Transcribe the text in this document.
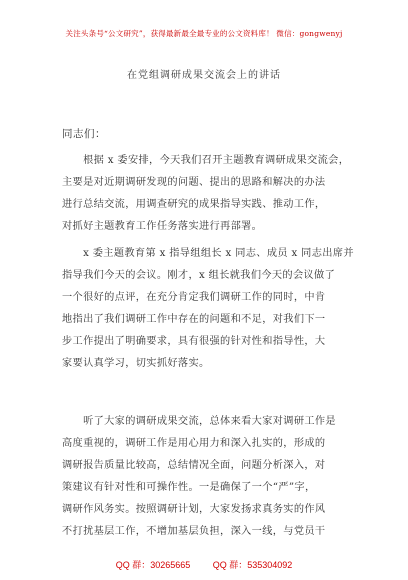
关注头条号“公文研究”，获得最新最全最专业的公文资料库！ 微信：gongwenyj
在党组调研成果交流会上的讲话
同志们：
　　根据 x 委安排，今天我们召开主题教育调研成果交流会，
主要是对近期调研发现的问题、提出的思路和解决的办法
进行总结交流，用调查研究的成果指导实践、推动工作，
对抓好主题教育工作任务落实进行再部署。
　　x 委主题教育第 x 指导组组长 x 同志、成员 x 同志出席并
指导我们今天的会议。刚才，x 组长就我们今天的会议做了
一个很好的点评，在充分肯定我们调研工作的同时，中肯
地指出了我们调研工作中存在的问题和不足，对我们下一
步工作提出了明确要求，具有很强的针对性和指导性，大
家要认真学习，切实抓好落实。
　　听了大家的调研成果交流，总体来看大家对调研工作是
高度重视的，调研工作是用心用力和深入扎实的，形成的
调研报告质量比较高，总结情况全面，问题分析深入，对
策建议有针对性和可操作性。一是确保了一个“严”字，
调研作风务实。按照调研计划，大家发扬求真务实的作风
不打扰基层工作，不增加基层负担，深入一线，与党员干
QQ 群：30265665	QQ 群：535304092
